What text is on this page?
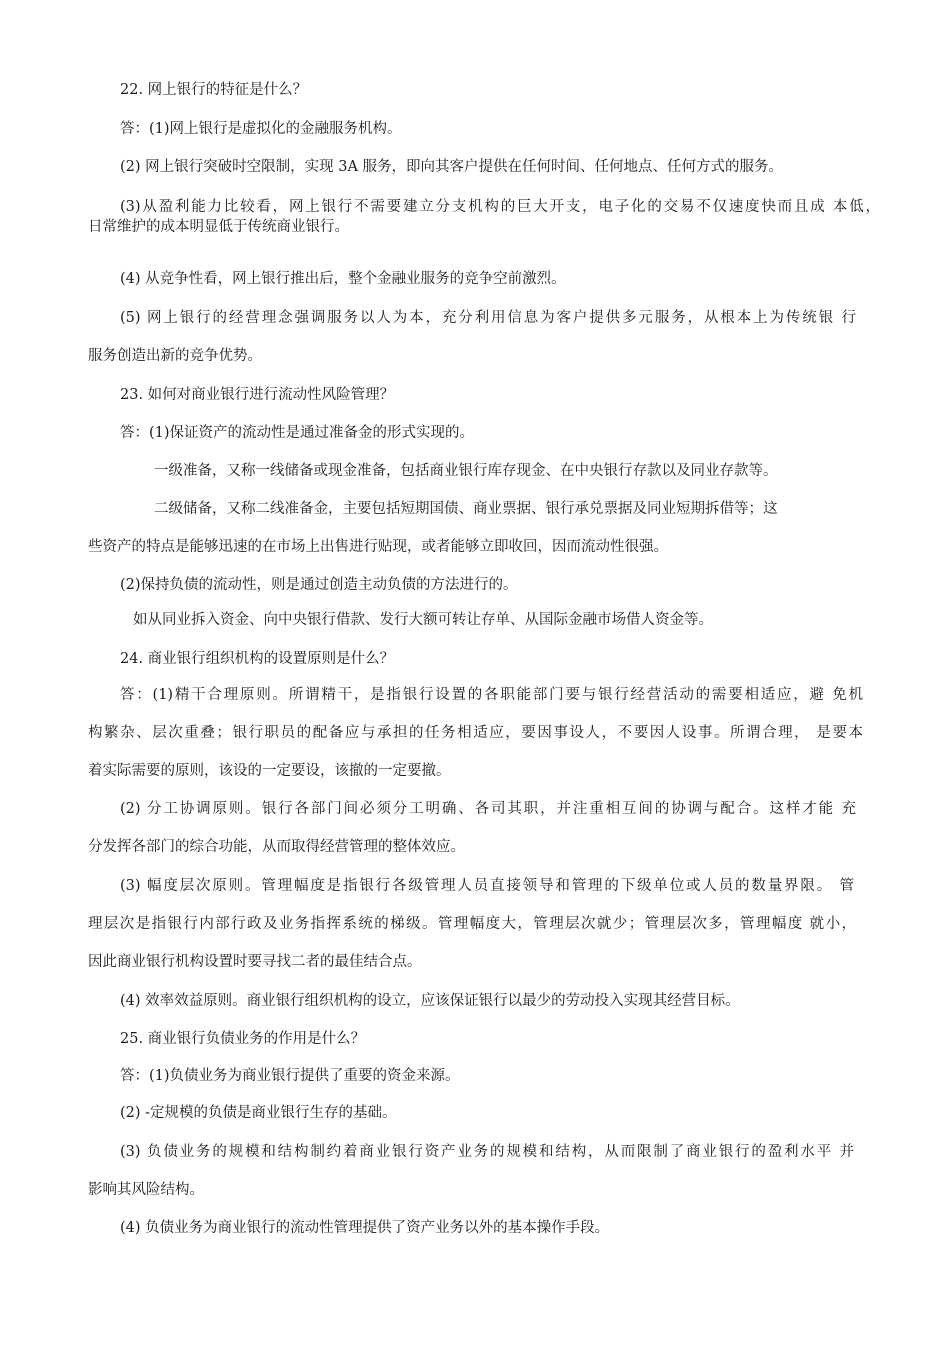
22. 网上银行的特征是什么？
答：(1)网上银行是虚拟化的金融服务机构。
(2) 网上银行突破时空限制，实现 3A 服务，即向其客户提供在任何时间、任何地点、任何方式的服务。
(3)从盈利能力比较看，网上银行不需要建立分支机构的巨大开支，电子化的交易不仅速度快而且成 本低，
日常维护的成本明显低于传统商业银行。
(4) 从竞争性看，网上银行推出后，整个金融业服务的竞争空前激烈。
(5) 网上银行的经营理念强调服务以人为本，充分利用信息为客户提供多元服务，从根本上为传统银 行
服务创造出新的竞争优势。
23. 如何对商业银行进行流动性风险管理？
答：(1)保证资产的流动性是通过准备金的形式实现的。
一级准备，又称一线储备或现金准备，包括商业银行库存现金、在中央银行存款以及同业存款等。
二级储备，又称二线准备金，主要包括短期国债、商业票据、银行承兑票据及同业短期拆借等；这
些资产的特点是能够迅速的在市场上出售进行贴现，或者能够立即收回，因而流动性很强。
(2)保持负债的流动性，则是通过创造主动负债的方法进行的。
如从同业拆入资金、向中央银行借款、发行大额可转让存单、从国际金融市场借人资金等。
24. 商业银行组织机构的设置原则是什么？
答：(1)精干合理原则。所谓精干，是指银行设置的各职能部门要与银行经营活动的需要相适应，避 免机
构繁杂、层次重叠；银行职员的配备应与承担的任务相适应，要因事设人，不要因人设事。所谓合理， 是要本
着实际需要的原则，该设的一定要设，该撤的一定要撤。
(2) 分工协调原则。银行各部门间必须分工明确、各司其职，并注重相互间的协调与配合。这样才能 充
分发挥各部门的综合功能，从而取得经营管理的整体效应。
(3) 幅度层次原则。管理幅度是指银行各级管理人员直接领导和管理的下级单位或人员的数量界限。 管
理层次是指银行内部行政及业务指挥系统的梯级。管理幅度大，管理层次就少；管理层次多，管理幅度 就小，
因此商业银行机构设置时要寻找二者的最佳结合点。
(4) 效率效益原则。商业银行组织机构的设立，应该保证银行以最少的劳动投入实现其经营目标。
25. 商业银行负债业务的作用是什么？
答：(1)负债业务为商业银行提供了重要的资金来源。
(2) -定规模的负债是商业银行生存的基础。
(3) 负债业务的规模和结构制约着商业银行资产业务的规模和结构，从而限制了商业银行的盈利水平 并
影响其风险结构。
(4) 负债业务为商业银行的流动性管理提供了资产业务以外的基本操作手段。
